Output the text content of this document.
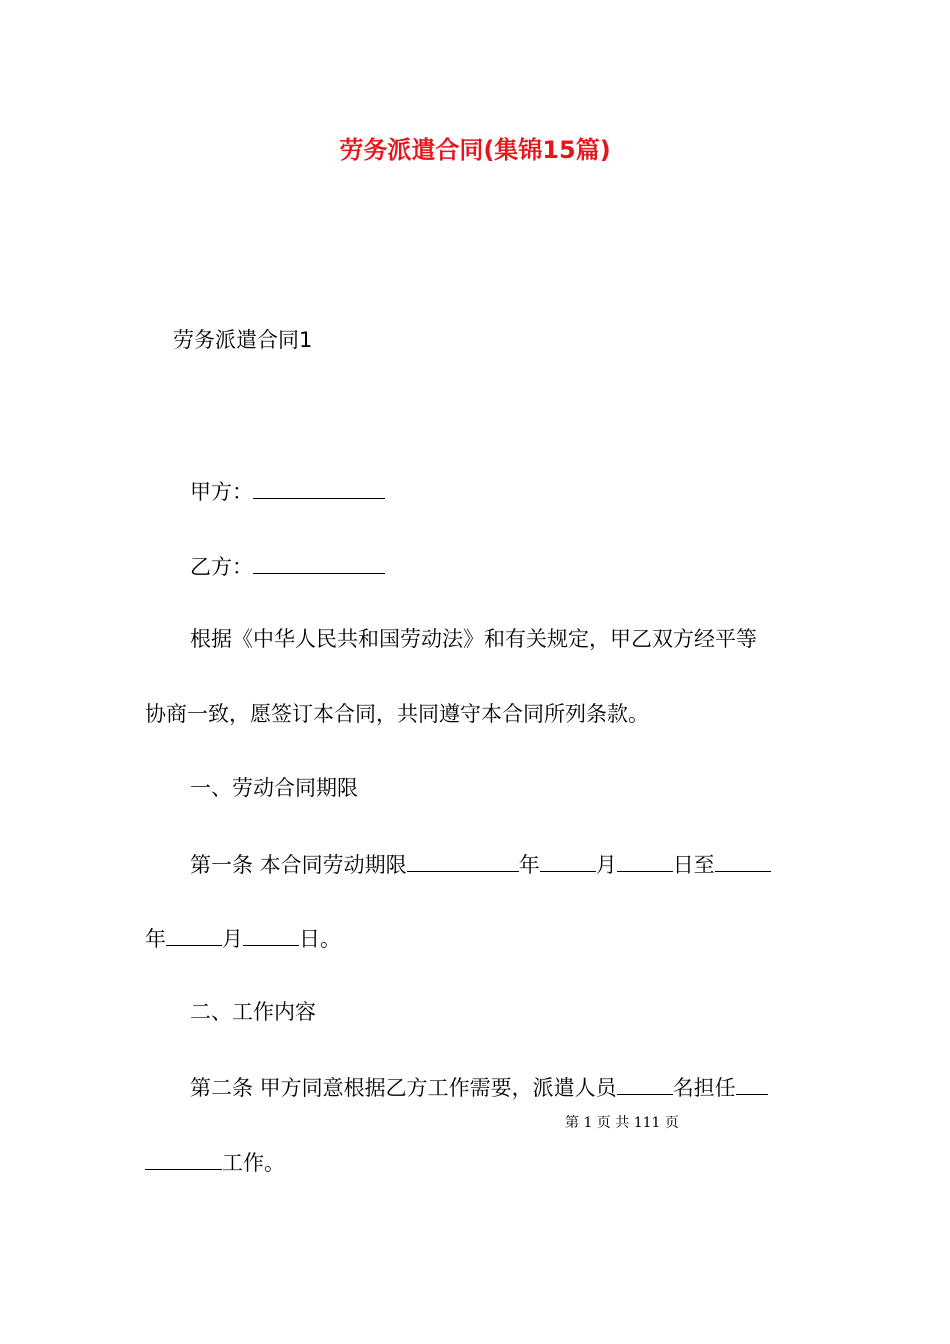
劳务派遣合同(集锦15篇)
劳务派遣合同1
甲方：
乙方：
根据《中华人民共和国劳动法》和有关规定，甲乙双方经平等
协商一致，愿签订本合同，共同遵守本合同所列条款。
一、劳动合同期限
第一条 本合同劳动期限	年	月	日至
年	月	日。
二、工作内容
第二条 甲方同意根据乙方工作需要，派遣人员	名担任
第 1 页 共 111 页
工作。
